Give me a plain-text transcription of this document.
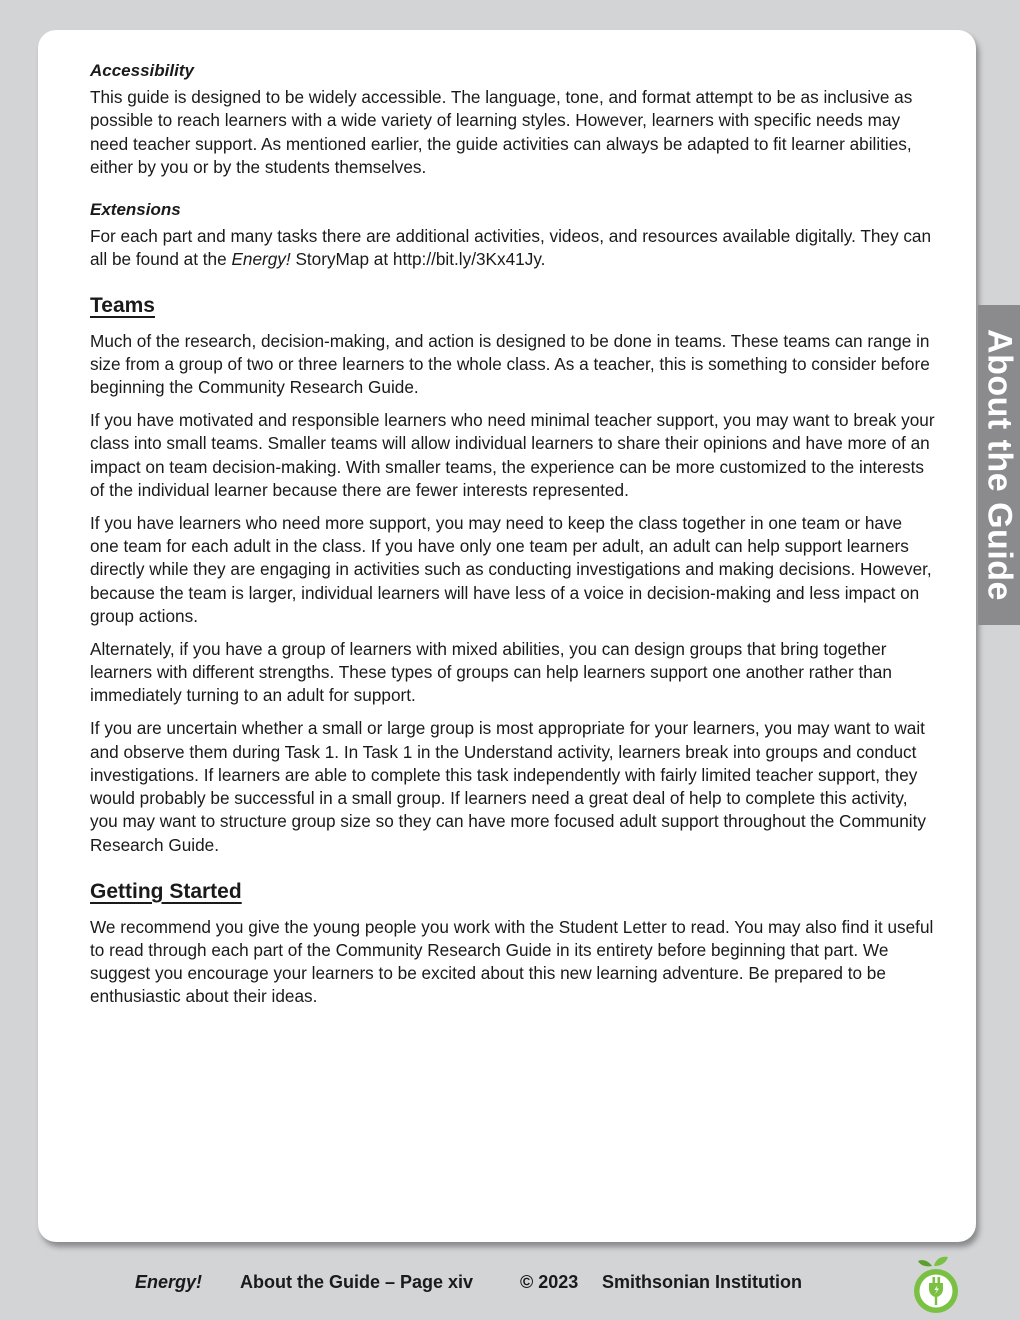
Accessibility

This guide is designed to be widely accessible. The language, tone, and format attempt to be as inclusive as possible to reach learners with a wide variety of learning styles. However, learners with specific needs may need teacher support. As mentioned earlier, the guide activities can always be adapted to fit learner abilities, either by you or by the students themselves.

Extensions

For each part and many tasks there are additional activities, videos, and resources available digitally. They can all be found at the Energy! StoryMap at http://bit.ly/3Kx41Jy.

Teams

Much of the research, decision-making, and action is designed to be done in teams. These teams can range in size from a group of two or three learners to the whole class. As a teacher, this is something to consider before beginning the Community Research Guide.

If you have motivated and responsible learners who need minimal teacher support, you may want to break your class into small teams. Smaller teams will allow individual learners to share their opinions and have more of an impact on team decision-making. With smaller teams, the experience can be more customized to the interests of the individual learner because there are fewer interests represented.

If you have learners who need more support, you may need to keep the class together in one team or have one team for each adult in the class. If you have only one team per adult, an adult can help support learners directly while they are engaging in activities such as conducting investigations and making decisions. However, because the team is larger, individual learners will have less of a voice in decision-making and less impact on group actions.

Alternately, if you have a group of learners with mixed abilities, you can design groups that bring together learners with different strengths. These types of groups can help learners support one another rather than immediately turning to an adult for support.

If you are uncertain whether a small or large group is most appropriate for your learners, you may want to wait and observe them during Task 1. In Task 1 in the Understand activity, learners break into groups and conduct investigations. If learners are able to complete this task independently with fairly limited teacher support, they would probably be successful in a small group. If learners need a great deal of help to complete this activity, you may want to structure group size so they can have more focused adult support throughout the Community Research Guide.

Getting Started

We recommend you give the young people you work with the Student Letter to read. You may also find it useful to read through each part of the Community Research Guide in its entirety before beginning that part. We suggest you encourage your learners to be excited about this new learning adventure. Be prepared to be enthusiastic about their ideas.

About the Guide
Energy! About the Guide – Page xiv	© 2023 Smithsonian Institution
